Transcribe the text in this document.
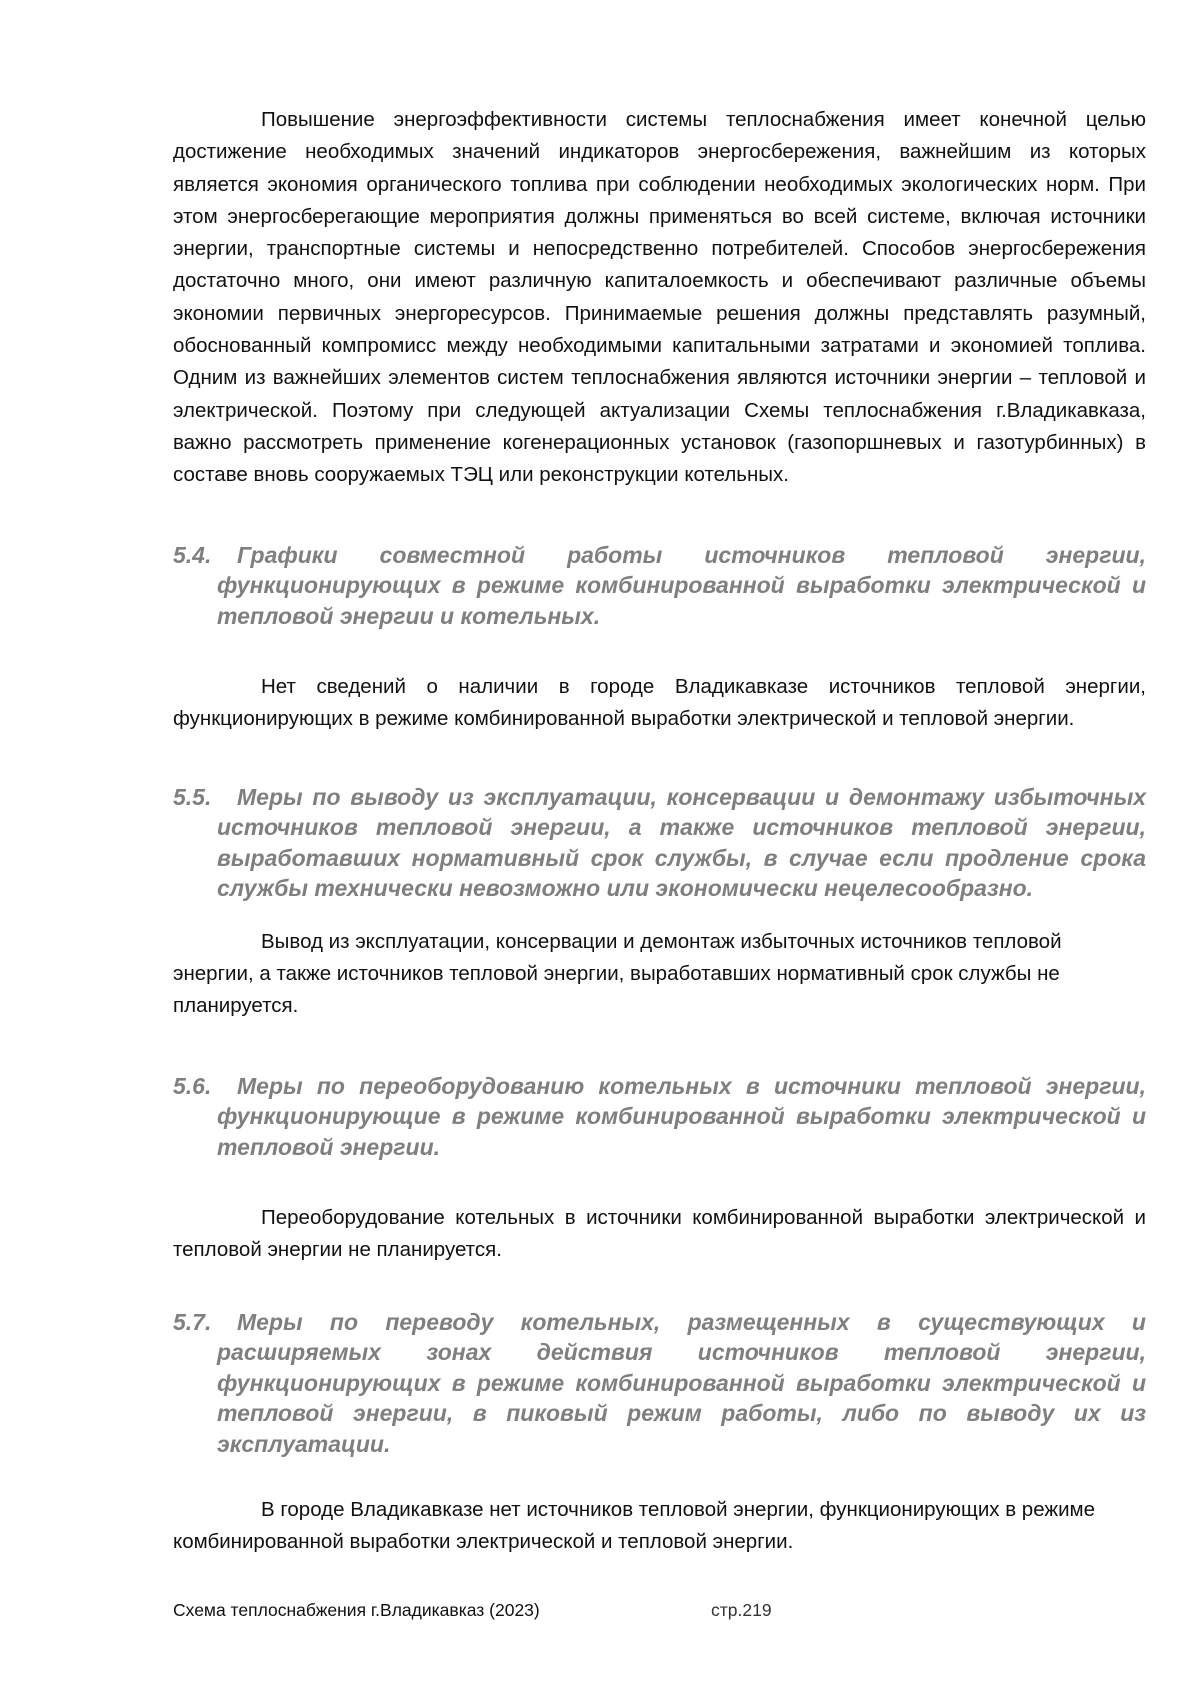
Повышение энергоэффективности системы теплоснабжения имеет конечной целью достижение необходимых значений индикаторов энергосбережения, важнейшим из которых является экономия органического топлива при соблюдении необходимых экологических норм. При этом энергосберегающие мероприятия должны применяться во всей системе, включая источники энергии, транспортные системы и непосредственно потребителей. Способов энергосбережения достаточно много, они имеют различную капиталоемкость и обеспечивают различные объемы экономии первичных энергоресурсов. Принимаемые решения должны представлять разумный, обоснованный компромисс между необходимыми капитальными затратами и экономией топлива. Одним из важнейших элементов систем теплоснабжения являются источники энергии – тепловой и электрической. Поэтому при следующей актуализации Схемы теплоснабжения г.Владикавказа, важно рассмотреть применение когенерационных установок (газопоршневых и газотурбинных) в составе вновь сооружаемых ТЭЦ или реконструкции котельных.

5.4. Графики совместной работы источников тепловой энергии, функционирующих в режиме комбинированной выработки электрической и тепловой энергии и котельных.

Нет сведений о наличии в городе Владикавказе источников тепловой энергии, функционирующих в режиме комбинированной выработки электрической и тепловой энергии.

5.5. Меры по выводу из эксплуатации, консервации и демонтажу избыточных источников тепловой энергии, а также источников тепловой энергии, выработавших нормативный срок службы, в случае если продление срока службы технически невозможно или экономически нецелесообразно.

Вывод из эксплуатации, консервации и демонтаж избыточных источников тепловой энергии, а также источников тепловой энергии, выработавших нормативный срок службы не планируется.

5.6. Меры по переоборудованию котельных в источники тепловой энергии, функционирующие в режиме комбинированной выработки электрической и тепловой энергии.

Переоборудование котельных в источники комбинированной выработки электрической и тепловой энергии не планируется.

5.7. Меры по переводу котельных, размещенных в существующих и расширяемых зонах действия источников тепловой энергии, функционирующих в режиме комбинированной выработки электрической и тепловой энергии, в пиковый режим работы, либо по выводу их из эксплуатации.

В городе Владикавказе нет источников тепловой энергии, функционирующих в режиме комбинированной выработки электрической и тепловой энергии.

Схема теплоснабжения г.Владикавказ (2023)	стр.219
